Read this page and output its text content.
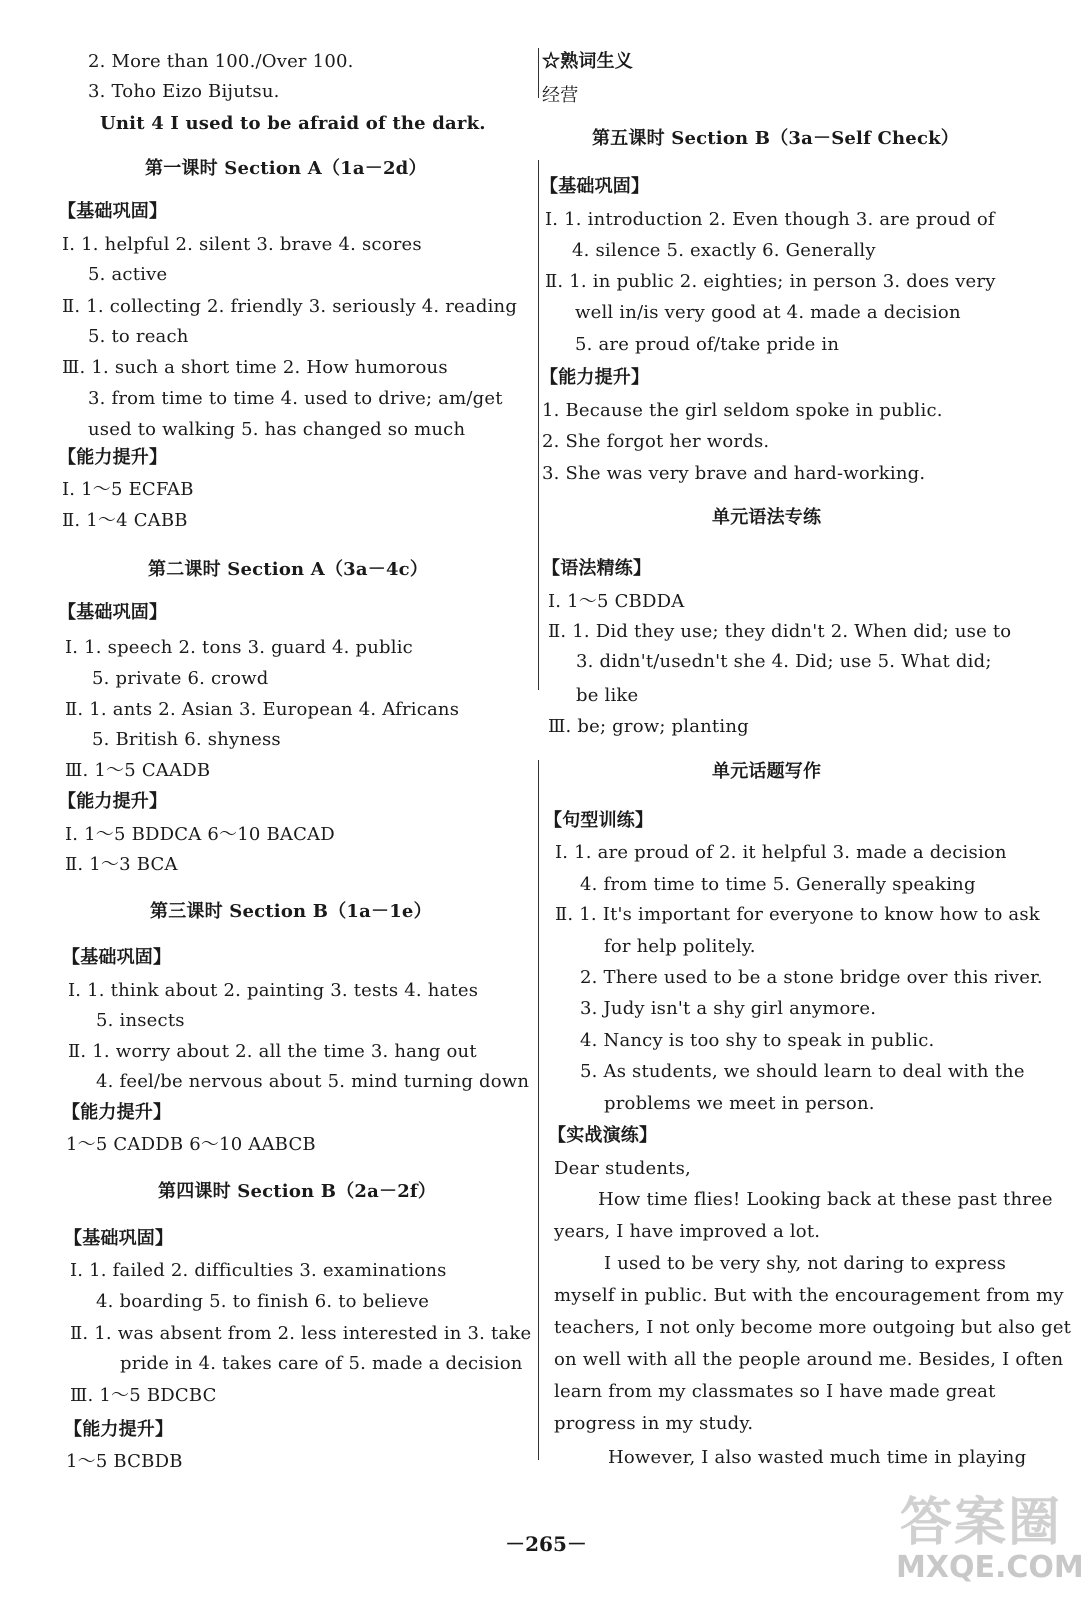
－265－	答案圈
MXQE.COM
2. More than 100./Over 100.
3. Toho Eizo Bijutsu.
Unit 4 I used to be afraid of the dark.
第一课时 Section A（1a－2d）
【基础巩固】
Ⅰ. 1. helpful 2. silent 3. brave 4. scores
5. active
Ⅱ. 1. collecting 2. friendly 3. seriously 4. reading
5. to reach
Ⅲ. 1. such a short time 2. How humorous
3. from time to time 4. used to drive; am/get
used to walking 5. has changed so much
【能力提升】
Ⅰ. 1～5 ECFAB
Ⅱ. 1～4 CABB
第二课时 Section A（3a－4c）
【基础巩固】
Ⅰ. 1. speech 2. tons 3. guard 4. public
5. private 6. crowd
Ⅱ. 1. ants 2. Asian 3. European 4. Africans
5. British 6. shyness
Ⅲ. 1～5 CAADB
【能力提升】
Ⅰ. 1～5 BDDCA 6～10 BACAD
Ⅱ. 1～3 BCA
第三课时 Section B（1a－1e）
【基础巩固】
Ⅰ. 1. think about 2. painting 3. tests 4. hates
5. insects
Ⅱ. 1. worry about 2. all the time 3. hang out
4. feel/be nervous about 5. mind turning down
【能力提升】
1～5 CADDB 6～10 AABCB
第四课时 Section B（2a－2f）
【基础巩固】
Ⅰ. 1. failed 2. difficulties 3. examinations
4. boarding 5. to finish 6. to believe
Ⅱ. 1. was absent from 2. less interested in 3. take
pride in 4. takes care of 5. made a decision
Ⅲ. 1～5 BDCBC
【能力提升】
1～5 BCBDB
☆熟词生义
经营
第五课时 Section B（3a－Self Check）
【基础巩固】
Ⅰ. 1. introduction 2. Even though 3. are proud of
4. silence 5. exactly 6. Generally
Ⅱ. 1. in public 2. eighties; in person 3. does very
well in/is very good at 4. made a decision
5. are proud of/take pride in
【能力提升】
1. Because the girl seldom spoke in public.
2. She forgot her words.
3. She was very brave and hard-working.
单元语法专练
【语法精练】
Ⅰ. 1～5 CBDDA
Ⅱ. 1. Did they use; they didn't 2. When did; use to
3. didn't/usedn't she 4. Did; use 5. What did;
be like
Ⅲ. be; grow; planting
单元话题写作
【句型训练】
Ⅰ. 1. are proud of 2. it helpful 3. made a decision
4. from time to time 5. Generally speaking
Ⅱ. 1. It's important for everyone to know how to ask
for help politely.
2. There used to be a stone bridge over this river.
3. Judy isn't a shy girl anymore.
4. Nancy is too shy to speak in public.
5. As students, we should learn to deal with the
problems we meet in person.
【实战演练】
Dear students,
How time flies! Looking back at these past three
years, I have improved a lot.
I used to be very shy, not daring to express
myself in public. But with the encouragement from my
teachers, I not only become more outgoing but also get
on well with all the people around me. Besides, I often
learn from my classmates so I have made great
progress in my study.
However, I also wasted much time in playing
